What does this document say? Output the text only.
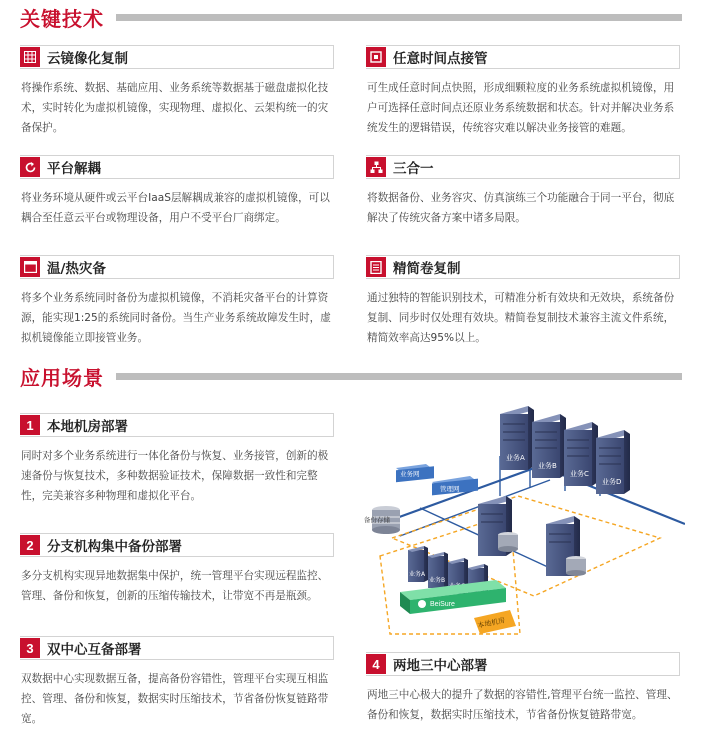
关键技术
云镜像化复制

将操作系统、数据、基础应用、业务系统等数据基于磁盘虚拟化技术，实时转化为虚拟机镜像，实现物理、虚拟化、云架构统一的灾备保护。

任意时间点接管

可生成任意时间点快照，形成细颗粒度的业务系统虚拟机镜像，用户可选择任意时间点还原业务系统数据和状态。针对并解决业务系统发生的逻辑错误，传统容灾难以解决业务接管的难题。

平台解耦

将业务环境从硬件或云平台IaaS层解耦成兼容的虚拟机镜像，可以耦合至任意云平台或物理设备，用户不受平台厂商绑定。

三合一

将数据备份、业务容灾、仿真演练三个功能融合于同一平台，彻底解决了传统灾备方案中诸多局限。

温/热灾备

将多个业务系统同时备份为虚拟机镜像，不消耗灾备平台的计算资源，能实现1:25的系统同时备份。当生产业务系统故障发生时，虚拟机镜像能立即接管业务。

精简卷复制

通过独特的智能识别技术，可精准分析有效块和无效块，系统备份复制、同步时仅处理有效块。精简卷复制技术兼容主流文件系统，精简效率高达95%以上。

应用场景
1 本地机房部署

同时对多个业务系统进行一体化备份与恢复、业务接管，创新的极速备份与恢复技术，多种数据验证技术，保障数据一致性和完整性，完美兼容多种物理和虚拟化平台。

2 分支机构集中备份部署

多分支机构实现异地数据集中保护，统一管理平台实现远程监控、管理、备份和恢复，创新的压缩传输技术，让带宽不再是瓶颈。

3 双中心互备部署

双数据中心实现数据互备，提高备份容错性，管理平台实现互相监控、管理、备份和恢复，数据实时压缩技术，节省备份恢复链路带宽。

4 两地三中心部署

两地三中心极大的提升了数据的容错性,管理平台统一监控、管理、备份和恢复，数据实时压缩技术，节省备份恢复链路带宽。

业务A
业务B
业务C
业务D
业务网
管理网
备份存储
业务A
业务B
BeiSure
本地机房
